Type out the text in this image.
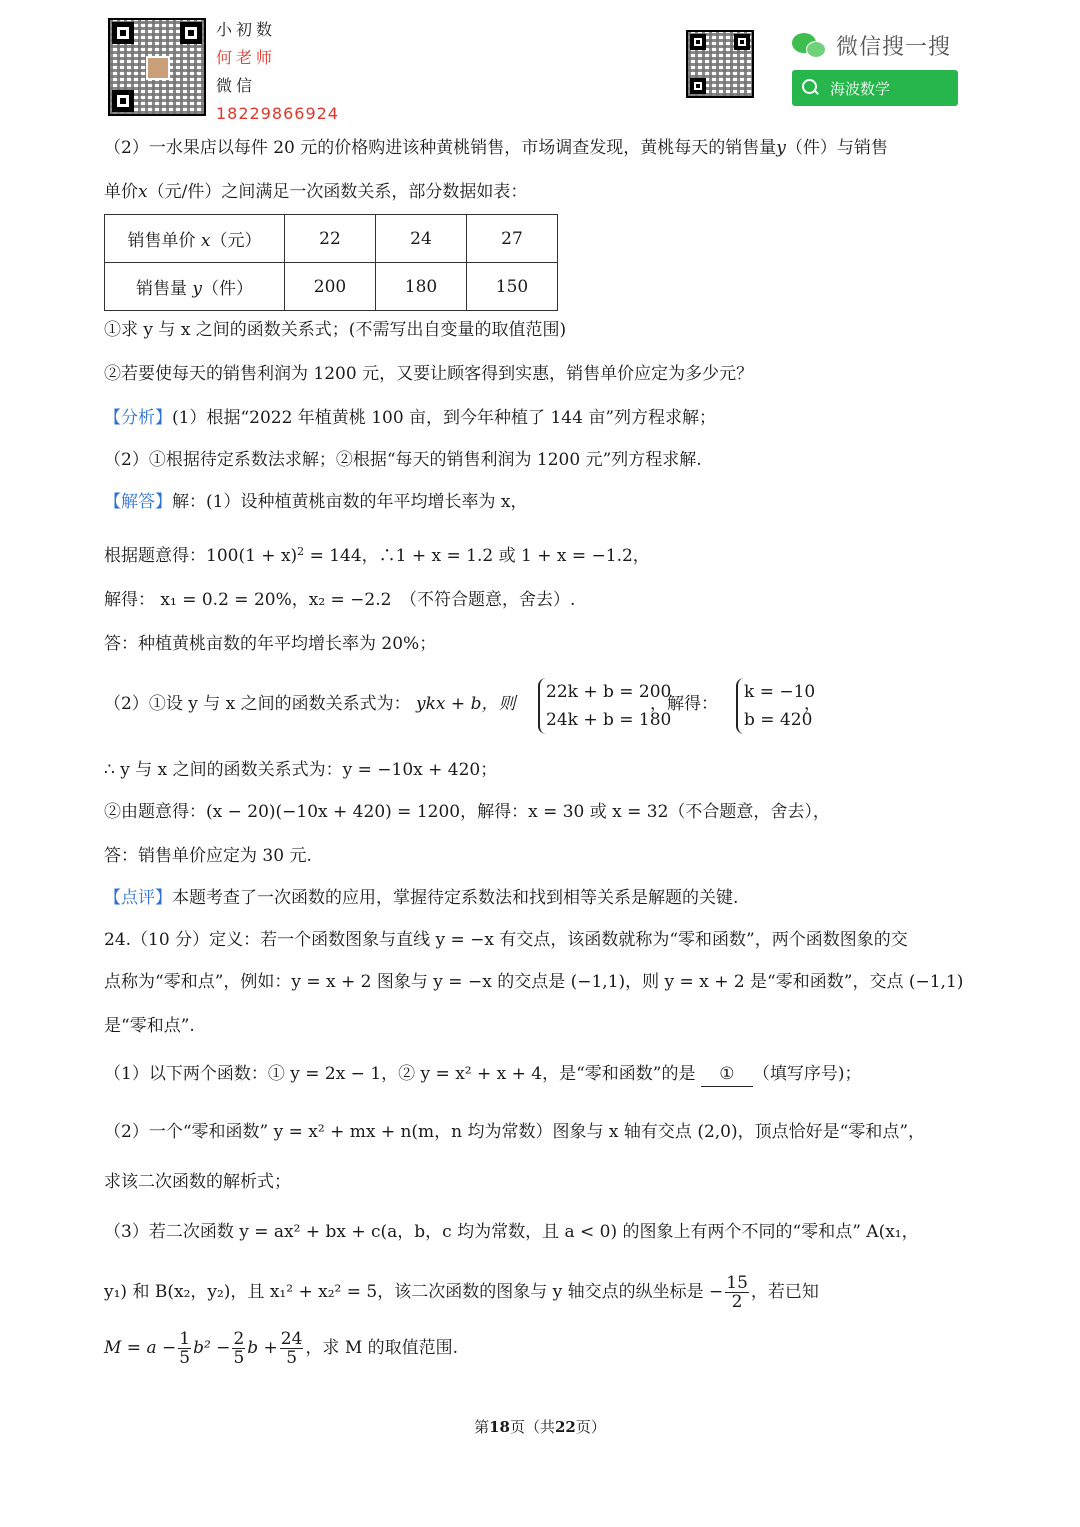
小初数
何老师
微信
18229866924
微信搜一搜
海波数学
（2）一水果店以每件 20 元的价格购进该种黄桃销售，市场调查发现，黄桃每天的销售量y（件）与销售
单价x（元/件）之间满足一次函数关系，部分数据如表：
销售单价 x（元）	22	24	27
销售量 y（件）	200	180	150
①求 y 与 x 之间的函数关系式；(不需写出自变量的取值范围)
②若要使每天的销售利润为 1200 元，又要让顾客得到实惠，销售单价应定为多少元？
【分析】(1）根据“2022 年植黄桃 100 亩，到今年种植了 144 亩”列方程求解；
（2）①根据待定系数法求解；②根据“每天的销售利润为 1200 元”列方程求解.
【解答】解：(1）设种植黄桃亩数的年平均增长率为 x，
根据题意得：$100(1 + x)^2 = 144$，∴1 + x = 1.2 或 1 + x = −1.2，
解得： x₁ = 0.2 = 20%，x₂ = −2.2　 （不符合题意，舍去）.
答：种植黄桃亩数的年平均增长率为 20%；
（2）①设 y 与 x 之间的函数关系式为： ykx + b，则
22k + b = 200
24k + b = 180
，解得：
k = −10
b = 420
，
∴ y 与 x 之间的函数关系式为：y = −10x + 420；
②由题意得：(x − 20)(−10x + 420) = 1200，解得：x = 30 或 x = 32（不合题意，舍去），
答：销售单价应定为 30 元.
【点评】本题考查了一次函数的应用，掌握待定系数法和找到相等关系是解题的关键.
24.（10 分）定义：若一个函数图象与直线 y = −x 有交点，该函数就称为“零和函数”，两个函数图象的交
点称为“零和点”，例如：y = x + 2 图象与 y = −x 的交点是 (−1,1)，则 y = x + 2 是“零和函数”，交点 (−1,1)
是“零和点”.
（1）以下两个函数：① y = 2x − 1，② y = x² + x + 4，是“零和函数”的是 ① （填写序号)；
（2）一个“零和函数” y = x² + mx + n(m，n 均为常数）图象与 x 轴有交点 (2,0)，顶点恰好是“零和点”，
求该二次函数的解析式；
（3）若二次函数 y = ax² + bx + c(a，b，c 均为常数，且 a < 0) 的图象上有两个不同的“零和点” A(x₁，
y₁) 和 B(x₂，y₂)，且 x₁² + x₂² = 5，该二次函数的图象与 y 轴交点的纵坐标是 − $\frac{15}{2}$ ，若已知
$M = a - \frac{1}{5} b^2 - \frac{2}{5}$ $b + \frac{24}{5}$ ，求 M 的取值范围.
第18页（共22页）
